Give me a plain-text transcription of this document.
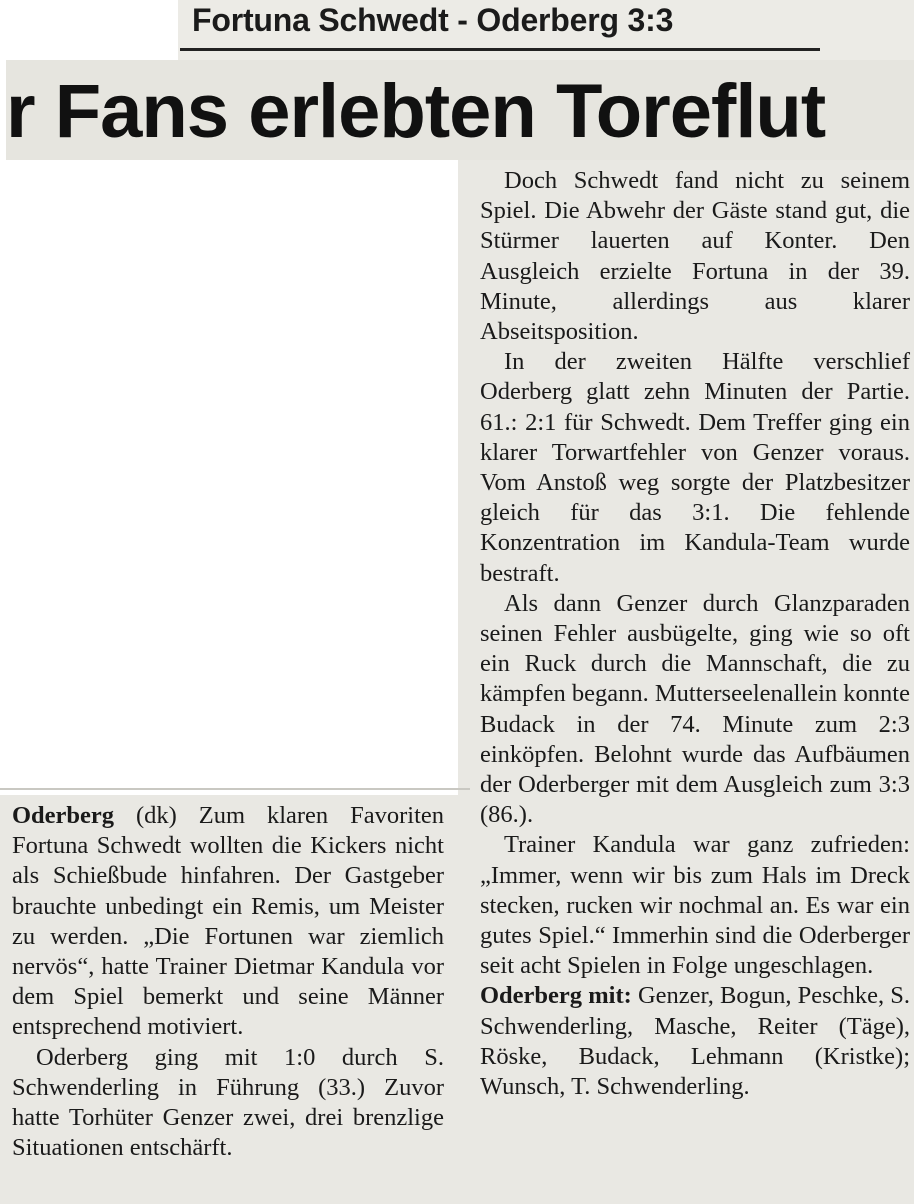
Fortuna Schwedt - Oderberg 3:3
r Fans erlebten Toreflut

Oderberg (dk) Zum klaren Favoriten Fortuna Schwedt wollten die Kickers nicht als Schießbude hinfahren. Der Gastgeber brauchte unbedingt ein Remis, um Meister zu werden. „Die Fortunen war ziemlich nervös“, hatte Trainer Dietmar Kandula vor dem Spiel bemerkt und seine Männer entsprechend motiviert.

Oderberg ging mit 1:0 durch S. Schwenderling in Führung (33.) Zuvor hatte Torhüter Genzer zwei, drei brenzlige Situationen entschärft.

Doch Schwedt fand nicht zu seinem Spiel. Die Abwehr der Gäste stand gut, die Stürmer lauerten auf Konter. Den Ausgleich erzielte Fortuna in der 39. Minute, allerdings aus klarer Abseitsposition.

In der zweiten Hälfte verschlief Oderberg glatt zehn Minuten der Partie. 61.: 2:1 für Schwedt. Dem Treffer ging ein klarer Torwartfehler von Genzer voraus. Vom Anstoß weg sorgte der Platzbesitzer gleich für das 3:1. Die fehlende Konzentration im Kandula-Team wurde bestraft.

Als dann Genzer durch Glanzparaden seinen Fehler ausbügelte, ging wie so oft ein Ruck durch die Mannschaft, die zu kämpfen begann. Mutterseelenallein konnte Budack in der 74. Minute zum 2:3 einköpfen. Belohnt wurde das Aufbäumen der Oderberger mit dem Ausgleich zum 3:3 (86.).

Trainer Kandula war ganz zufrieden: „Immer, wenn wir bis zum Hals im Dreck stecken, rucken wir nochmal an. Es war ein gutes Spiel.“ Immerhin sind die Oderberger seit acht Spielen in Folge ungeschlagen.

Oderberg mit: Genzer, Bogun, Peschke, S. Schwenderling, Masche, Reiter (Täge), Röske, Budack, Lehmann (Kristke); Wunsch, T. Schwenderling.
